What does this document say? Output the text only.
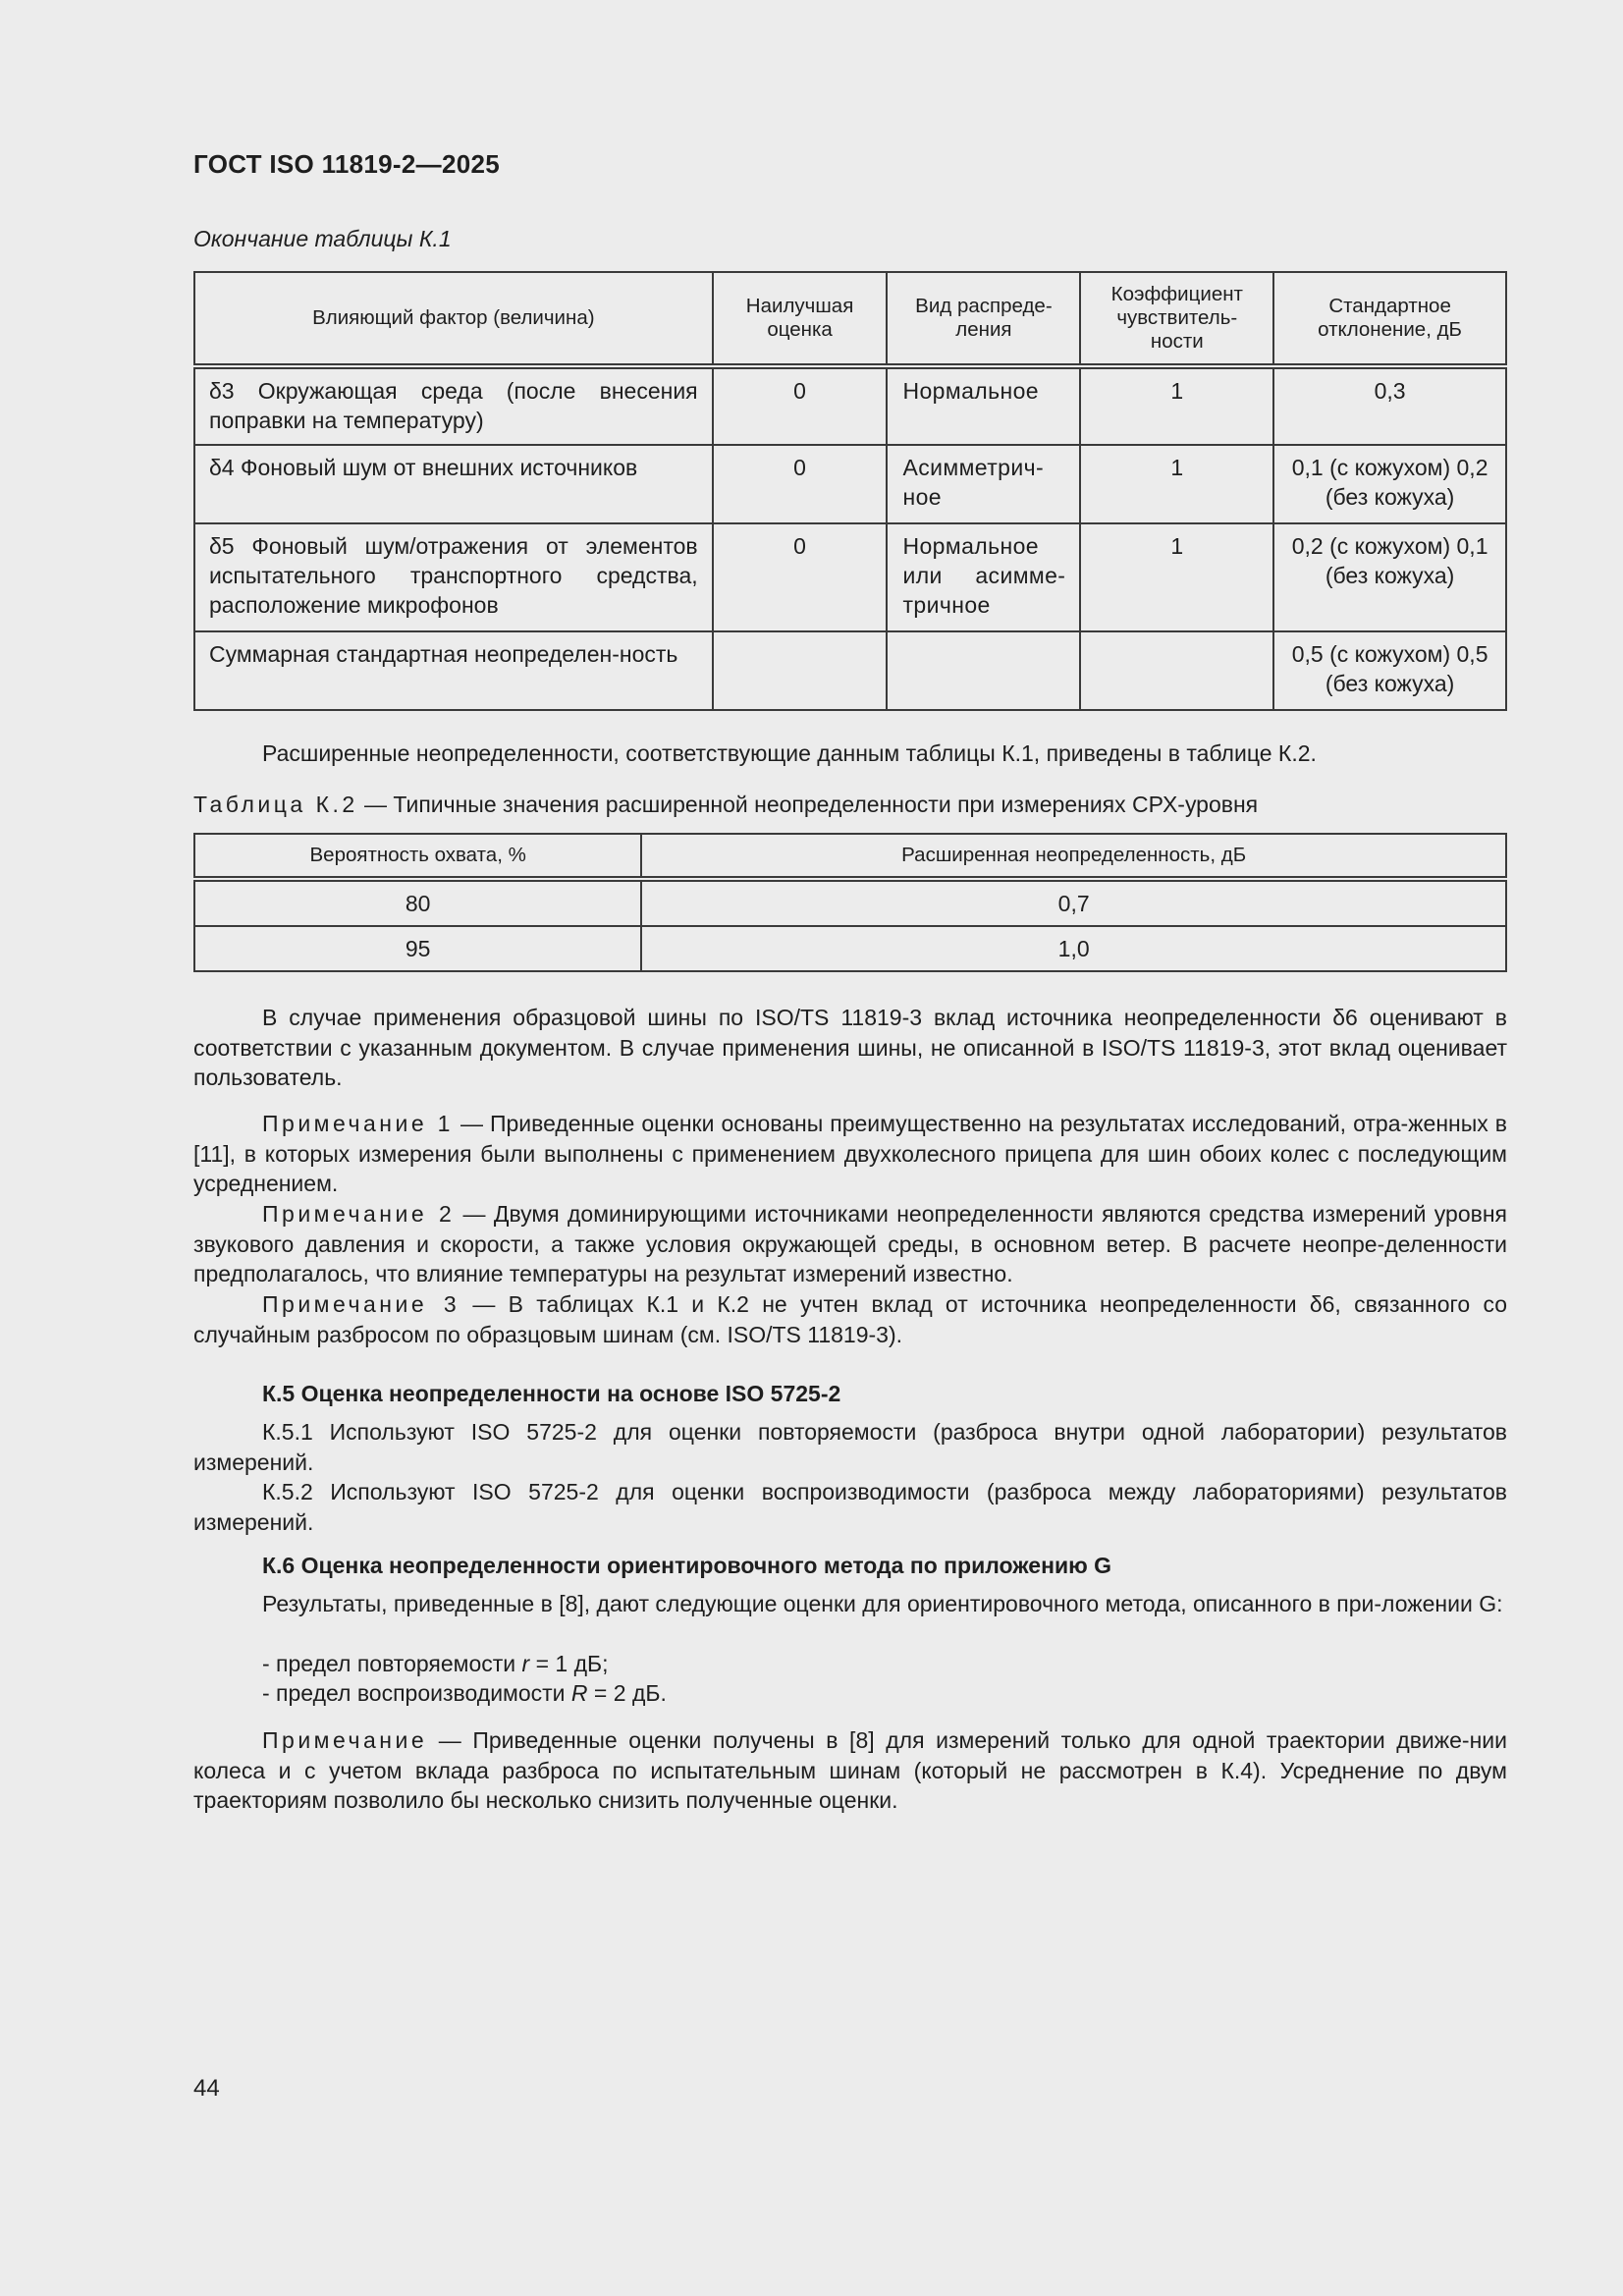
ГОСТ ISO 11819-2—2025
Окончание таблицы К.1
Влияющий фактор (величина)	Наилучшая оценка	Вид распреде-ления	Коэффициент чувствитель-ности	Стандартное отклонение, дБ
δ3 Окружающая среда (после внесения поправки на температуру)	0	Нормальное	1	0,3
δ4 Фоновый шум от внешних источников	0	Асимметрич-ное	1	0,1 (с кожухом) 0,2 (без кожуха)
δ5 Фоновый шум/отражения от элементов испытательного транспортного средства, расположение микрофонов	0	Нормальное или асимме-тричное	1	0,2 (с кожухом) 0,1 (без кожуха)
Суммарная стандартная неопределен-ность				0,5 (с кожухом) 0,5 (без кожуха)
Расширенные неопределенности, соответствующие данным таблицы К.1, приведены в таблице К.2.
Таблица К.2 — Типичные значения расширенной неопределенности при измерениях СРХ-уровня
Вероятность охвата, %	Расширенная неопределенность, дБ
80	0,7
95	1,0
В случае применения образцовой шины по ISO/TS 11819-3 вклад источника неопределенности δ6 оценивают в соответствии с указанным документом. В случае применения шины, не описанной в ISO/TS 11819-3, этот вклад оценивает пользователь.
Примечание 1 — Приведенные оценки основаны преимущественно на результатах исследований, отра-женных в [11], в которых измерения были выполнены с применением двухколесного прицепа для шин обоих колес с последующим усреднением.
Примечание 2 — Двумя доминирующими источниками неопределенности являются средства измерений уровня звукового давления и скорости, а также условия окружающей среды, в основном ветер. В расчете неопре-деленности предполагалось, что влияние температуры на результат измерений известно.
Примечание 3 — В таблицах К.1 и К.2 не учтен вклад от источника неопределенности δ6, связанного со случайным разбросом по образцовым шинам (см. ISO/TS 11819-3).
К.5 Оценка неопределенности на основе ISO 5725-2
К.5.1 Используют ISO 5725-2 для оценки повторяемости (разброса внутри одной лаборатории) результатов измерений.
К.5.2 Используют ISO 5725-2 для оценки воспроизводимости (разброса между лабораториями) результатов измерений.
К.6 Оценка неопределенности ориентировочного метода по приложению G
Результаты, приведенные в [8], дают следующие оценки для ориентировочного метода, описанного в при-ложении G:
- предел повторяемости r = 1 дБ;
- предел воспроизводимости R = 2 дБ.
Примечание — Приведенные оценки получены в [8] для измерений только для одной траектории движе-нии колеса и с учетом вклада разброса по испытательным шинам (который не рассмотрен в К.4). Усреднение по двум траекториям позволило бы несколько снизить полученные оценки.
44
